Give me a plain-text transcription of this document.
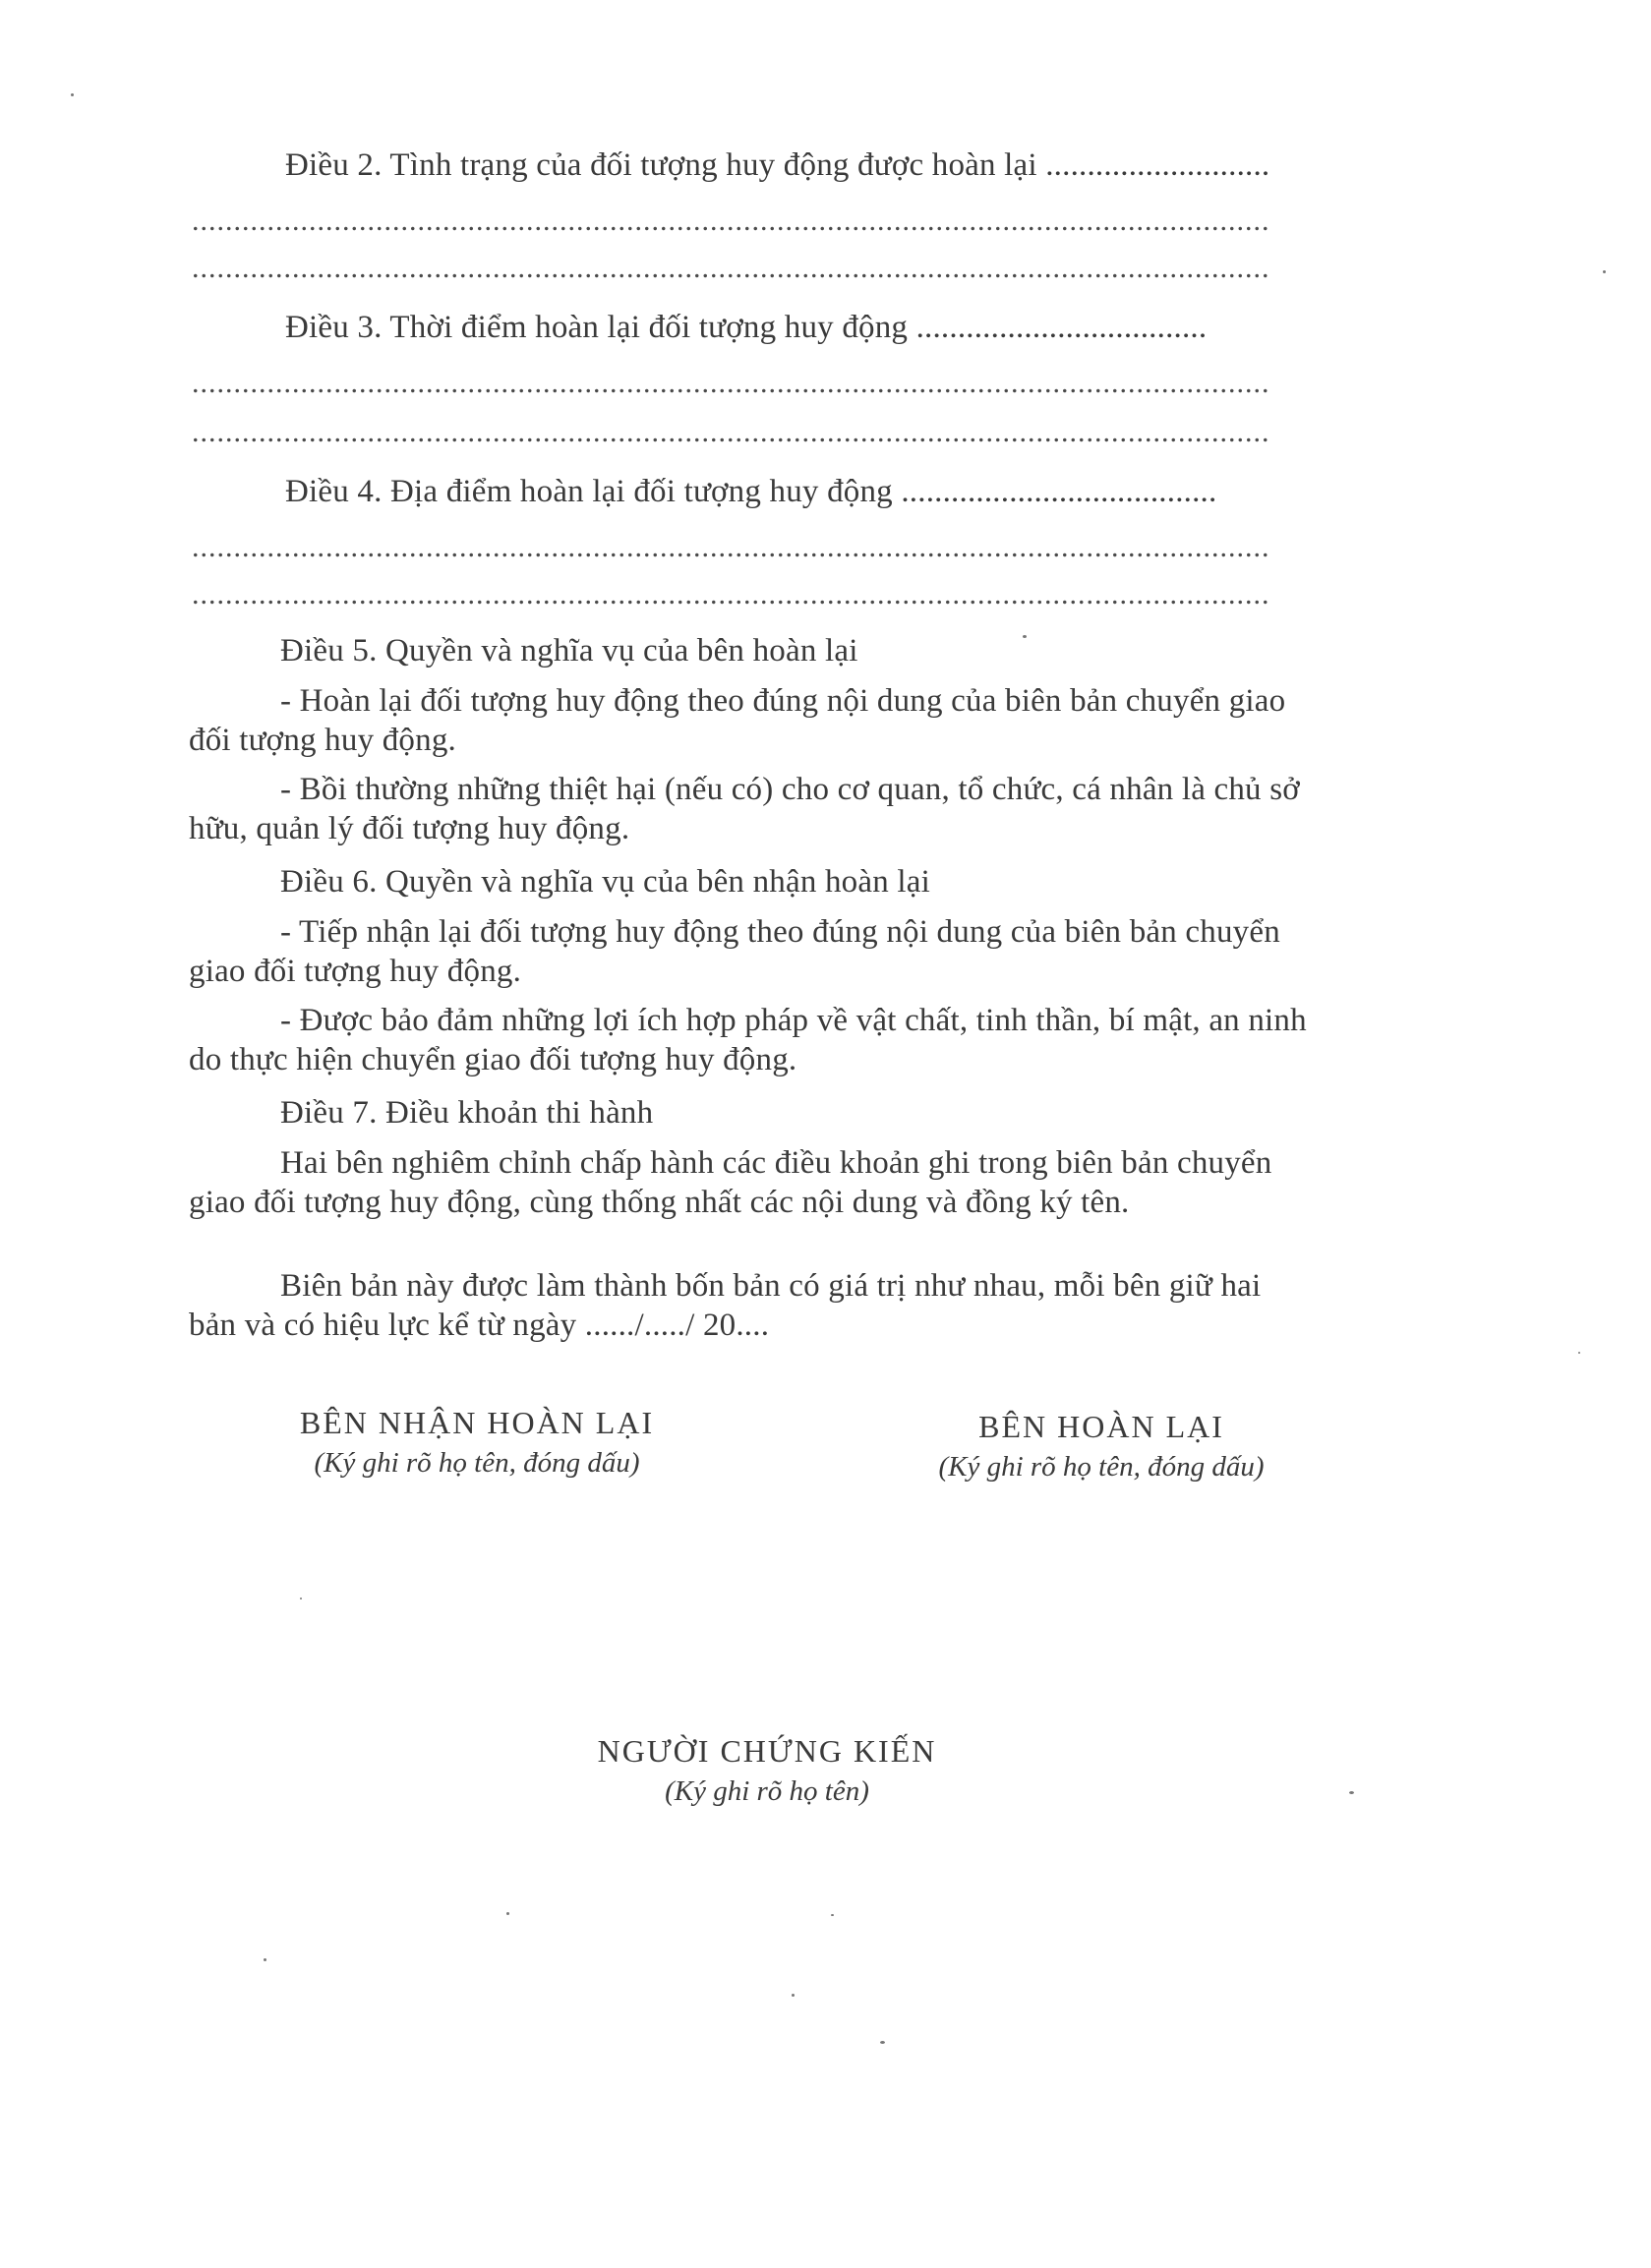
Điều 2. Tình trạng của đối tượng huy động được hoàn lại ...........................
.................................................................................................................................
.................................................................................................................................
Điều 3. Thời điểm hoàn lại đối tượng huy động ...................................
.................................................................................................................................
.................................................................................................................................
Điều 4. Địa điểm hoàn lại đối tượng huy động ......................................
.................................................................................................................................
.................................................................................................................................
Điều 5. Quyền và nghĩa vụ của bên hoàn lại
- Hoàn lại đối tượng huy động theo đúng nội dung của biên bản chuyển giao
đối tượng huy động.
- Bồi thường những thiệt hại (nếu có) cho cơ quan, tổ chức, cá nhân là chủ sở
hữu, quản lý đối tượng huy động.
Điều 6. Quyền và nghĩa vụ của bên nhận hoàn lại
- Tiếp nhận lại đối tượng huy động theo đúng nội dung của biên bản chuyển
giao đối tượng huy động.
- Được bảo đảm những lợi ích hợp pháp về vật chất, tinh thần, bí mật, an ninh
do thực hiện chuyển giao đối tượng huy động.
Điều 7. Điều khoản thi hành
Hai bên nghiêm chỉnh chấp hành các điều khoản ghi trong biên bản chuyển
giao đối tượng huy động, cùng thống nhất các nội dung và đồng ký tên.
Biên bản này được làm thành bốn bản có giá trị như nhau, mỗi bên giữ hai
bản và có hiệu lực kể từ ngày ....../...../ 20....
BÊN NHẬN HOÀN LẠI
(Ký ghi rõ họ tên, đóng dấu)
BÊN HOÀN LẠI
(Ký ghi rõ họ tên, đóng dấu)
NGƯỜI CHỨNG KIẾN
(Ký ghi rõ họ tên)
